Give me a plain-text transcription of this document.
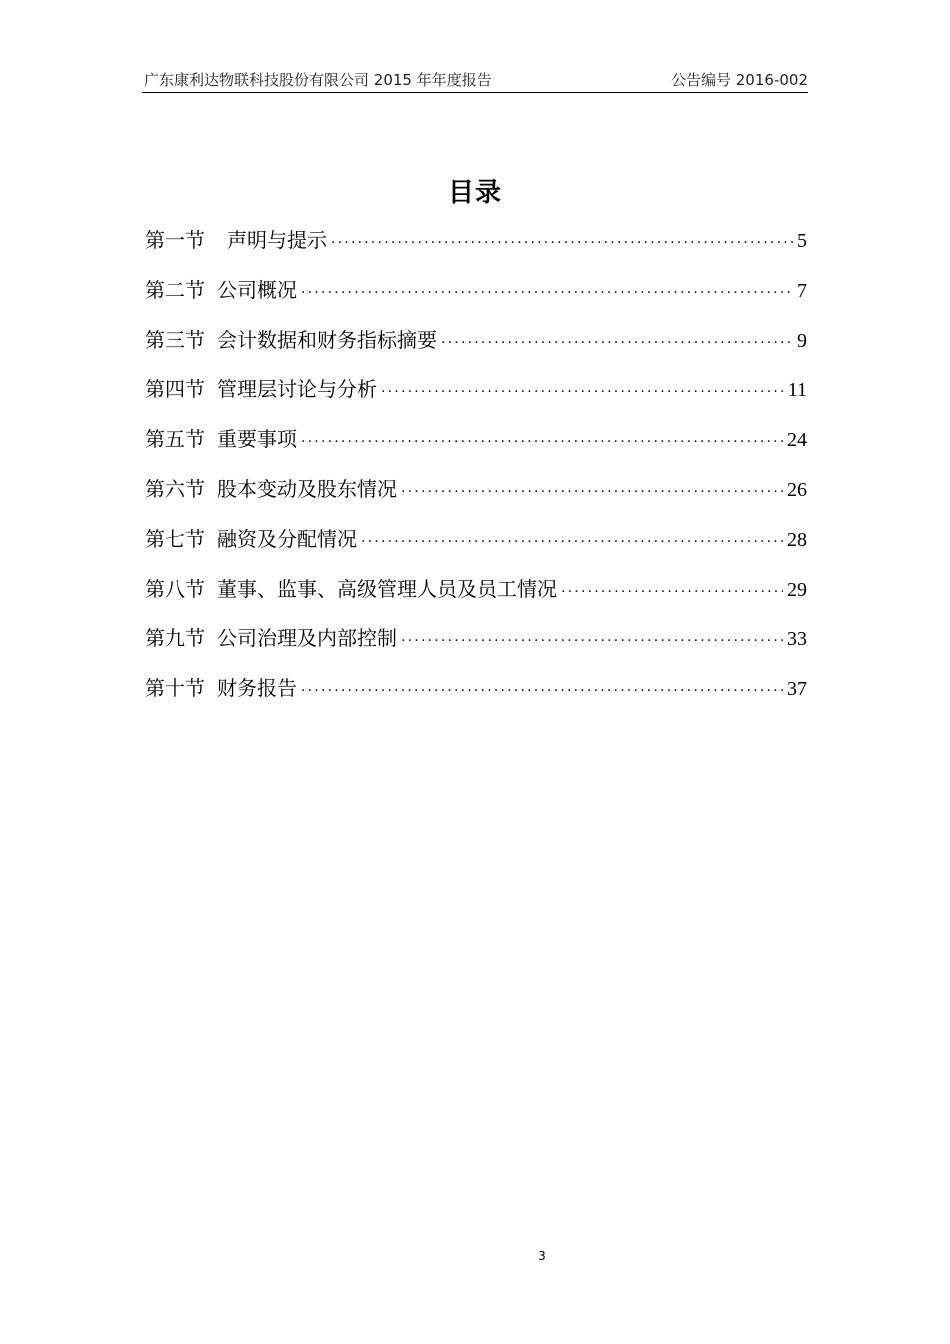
广东康利达物联科技股份有限公司 2015 年年度报告	公告编号 2016-002
目录
第一节 声明与提示 ·····	5
第二节 公司概况 ·····	7
第三节 会计数据和财务指标摘要 ·····	9
第四节 管理层讨论与分析 ·····	11
第五节 重要事项 ·····	24
第六节 股本变动及股东情况 ·····	26
第七节 融资及分配情况 ·····	28
第八节 董事、监事、高级管理人员及员工情况 ·····	29
第九节 公司治理及内部控制 ·····	33
第十节 财务报告 ·····	37
3
